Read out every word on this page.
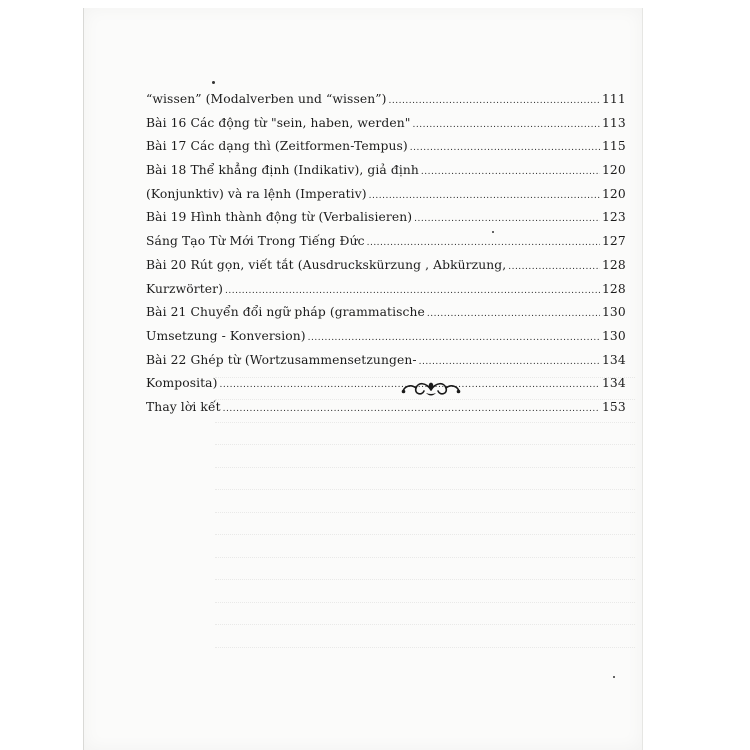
“wissen” (Modalverben und “wissen”) .....	111
Bài 16 Các động từ "sein, haben, werden" .....	113
Bài 17 Các dạng thì (Zeitformen-Tempus) .....	115
Bài 18 Thể khẳng định (Indikativ), giả định .....	120
(Konjunktiv) và ra lệnh (Imperativ) .....	120
Bài 19 Hình thành động từ (Verbalisieren) .....	123
Sáng Tạo Từ Mới Trong Tiếng Đức .....	127
Bài 20 Rút gọn, viết tắt (Ausdruckskürzung , Abkürzung, .....	128
Kurzwörter) .....	128
Bài 21 Chuyển đổi ngữ pháp (grammatische .....	130
Umsetzung - Konversion) .....	130
Bài 22 Ghép từ (Wortzusammensetzungen- .....	134
Komposita) .....	134
Thay lời kết .....	153
